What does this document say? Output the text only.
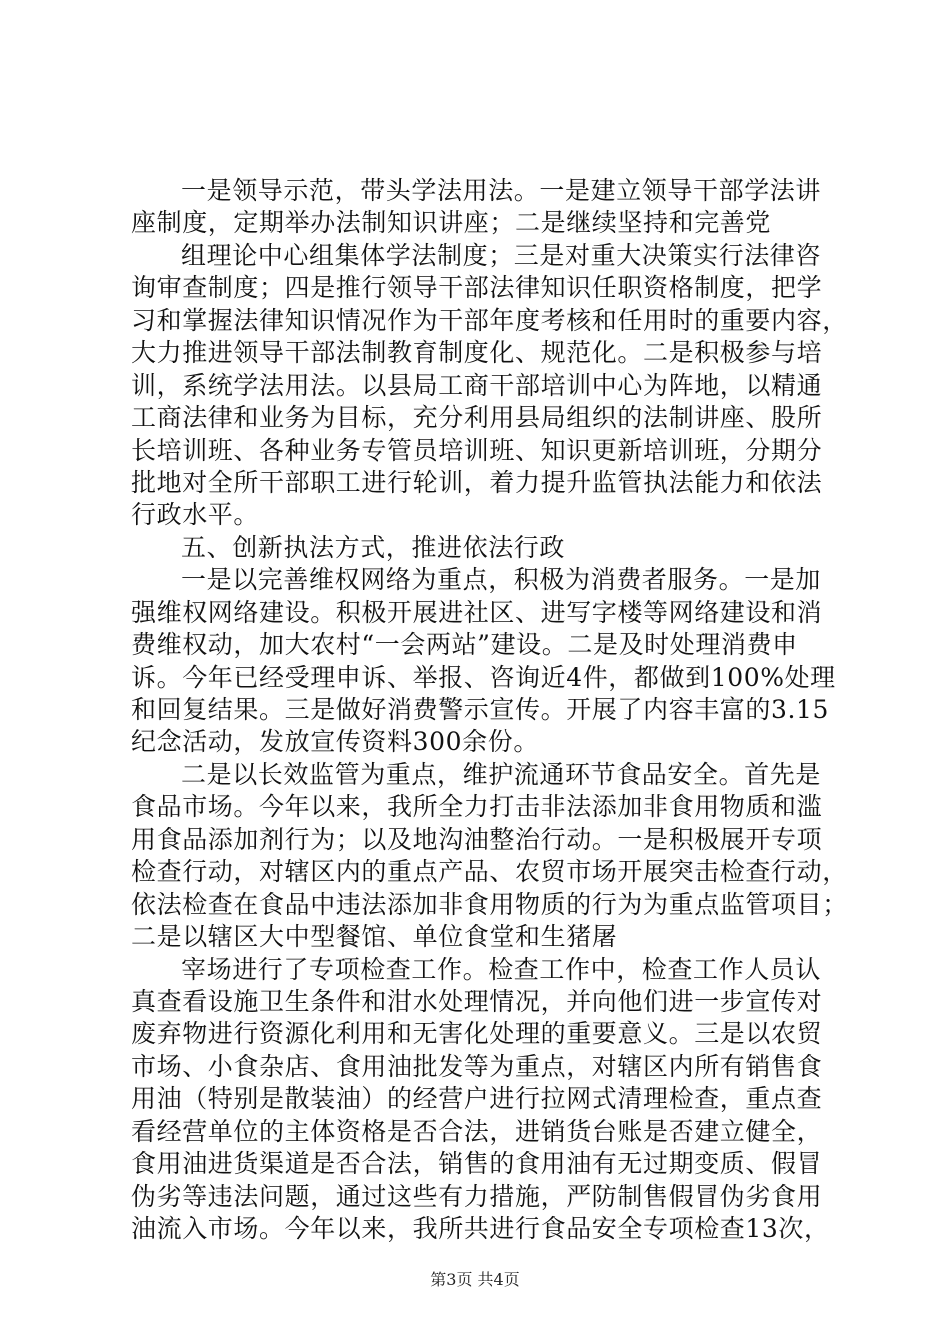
一是领导示范，带头学法用法。一是建立领导干部学法讲
座制度，定期举办法制知识讲座；二是继续坚持和完善党
组理论中心组集体学法制度；三是对重大决策实行法律咨
询审查制度；四是推行领导干部法律知识任职资格制度，把学
习和掌握法律知识情况作为干部年度考核和任用时的重要内容，
大力推进领导干部法制教育制度化、规范化。二是积极参与培
训，系统学法用法。以县局工商干部培训中心为阵地，以精通
工商法律和业务为目标，充分利用县局组织的法制讲座、股所
长培训班、各种业务专管员培训班、知识更新培训班，分期分
批地对全所干部职工进行轮训，着力提升监管执法能力和依法
行政水平。
五、创新执法方式，推进依法行政
一是以完善维权网络为重点，积极为消费者服务。一是加
强维权网络建设。积极开展进社区、进写字楼等网络建设和消
费维权动，加大农村“一会两站”建设。二是及时处理消费申
诉。今年已经受理申诉、举报、咨询近4件，都做到100%处理
和回复结果。三是做好消费警示宣传。开展了内容丰富的3.15
纪念活动，发放宣传资料300余份。
二是以长效监管为重点，维护流通环节食品安全。首先是
食品市场。今年以来，我所全力打击非法添加非食用物质和滥
用食品添加剂行为；以及地沟油整治行动。一是积极展开专项
检查行动，对辖区内的重点产品、农贸市场开展突击检查行动，
依法检查在食品中违法添加非食用物质的行为为重点监管项目；
二是以辖区大中型餐馆、单位食堂和生猪屠
宰场进行了专项检查工作。检查工作中，检查工作人员认
真查看设施卫生条件和泔水处理情况，并向他们进一步宣传对
废弃物进行资源化利用和无害化处理的重要意义。三是以农贸
市场、小食杂店、食用油批发等为重点，对辖区内所有销售食
用油（特别是散装油）的经营户进行拉网式清理检查，重点查
看经营单位的主体资格是否合法，进销货台账是否建立健全，
食用油进货渠道是否合法，销售的食用油有无过期变质、假冒
伪劣等违法问题，通过这些有力措施，严防制售假冒伪劣食用
油流入市场。今年以来，我所共进行食品安全专项检查13次，
第3页 共4页
